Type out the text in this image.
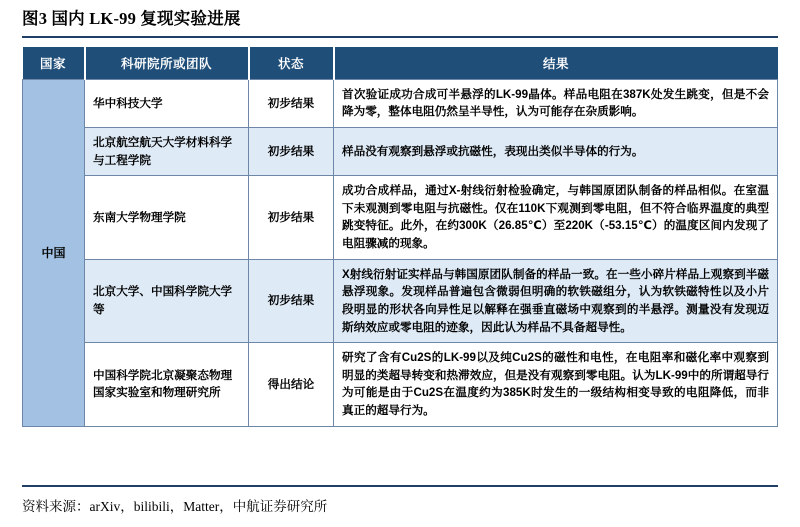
图3 国内 LK-99 复现实验进展
国家	科研院所或团队	状态	结果
中国	华中科技大学	初步结果	首次验证成功合成可半悬浮的LK-99晶体。样品电阻在387K处发生跳变，但是不会降为零，整体电阻仍然呈半导性，认为可能存在杂质影响。
	北京航空航天大学材料科学与工程学院	初步结果	样品没有观察到悬浮或抗磁性，表现出类似半导体的行为。
	东南大学物理学院	初步结果	成功合成样品，通过X-射线衍射检验确定，与韩国原团队制备的样品相似。在室温下未观测到零电阻与抗磁性。仅在110K下观测到零电阻，但不符合临界温度的典型跳变特征。此外，在约300K（26.85℃）至220K（-53.15℃）的温度区间内发现了电阻骤减的现象。
	北京大学、中国科学院大学等	初步结果	X射线衍射证实样品与韩国原团队制备的样品一致。在一些小碎片样品上观察到半磁悬浮现象。发现样品普遍包含微弱但明确的软铁磁组分，认为软铁磁特性以及小片段明显的形状各向异性足以解释在强垂直磁场中观察到的半悬浮。测量没有发现迈斯纳效应或零电阻的迹象，因此认为样品不具备超导性。
	中国科学院北京凝聚态物理国家实验室和物理研究所	得出结论	研究了含有Cu2S的LK-99以及纯Cu2S的磁性和电性，在电阻率和磁化率中观察到明显的类超导转变和热滞效应，但是没有观察到零电阻。认为LK-99中的所谓超导行为可能是由于Cu2S在温度约为385K时发生的一级结构相变导致的电阻降低，而非真正的超导行为。
资料来源：arXiv，bilibili，Matter，中航证券研究所
